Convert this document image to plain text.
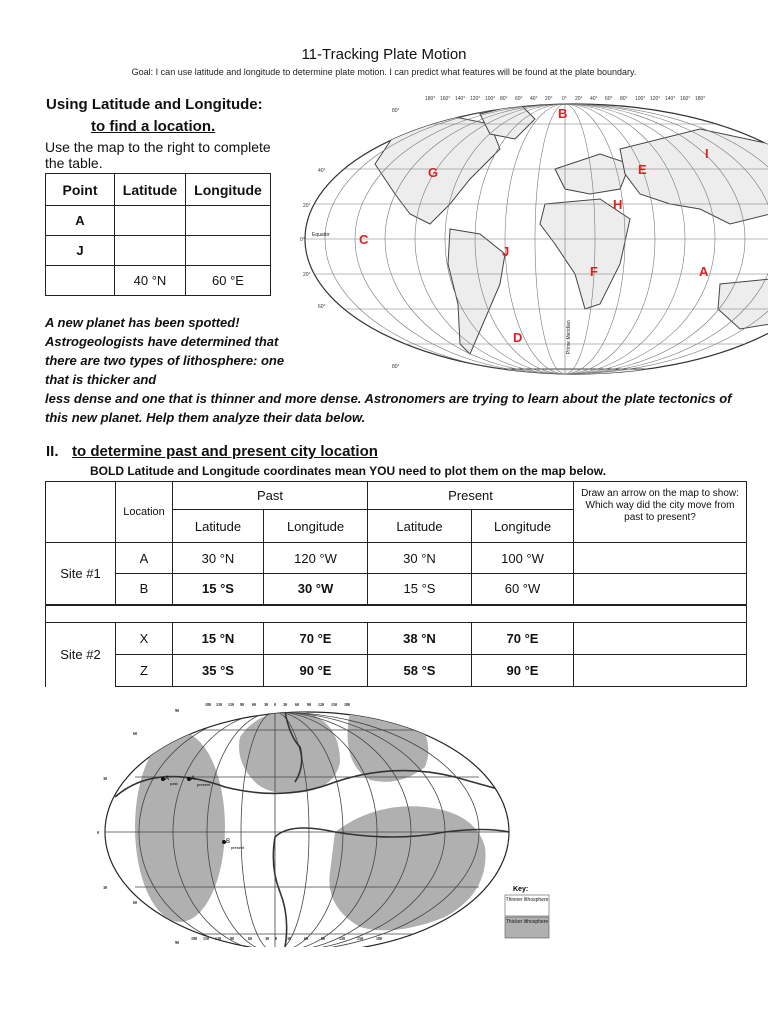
11-Tracking Plate Motion
Goal: I can use latitude and longitude to determine plate motion. I can predict what features will be found at the plate boundary.
Using Latitude and Longitude:
to find a location.
Use the map to the right to complete the table.
Point	Latitude	Longitude
A		
J		
	40 °N	60 °E
A new planet has been spotted! Astrogeologists have determined that there are two types of lithosphere: one that is thicker and
less dense and one that is thinner and more dense. Astronomers are trying to learn about the plate tectonics of this new planet. Help them analyze their data below.
180° 160° 140° 120° 100° 80° 60° 40° 20° 0° 20° 40° 60° 80° 100° 120° 140° 160° 180°
80°
40°
20°
0°
20°
60°
80°
Equator
Prime Meridian
A
B
C
D
E
F
G
H
I
J
II. to determine past and present city location
BOLD Latitude and Longitude coordinates mean YOU need to plot them on the map below.
	Location	Past		Present		Draw an arrow on the map to show: Which way did the city move from past to present?
		Latitude	Longitude	Latitude	Longitude	
Site #1	A	30 °N	120 °W	30 °N	100 °W	
	B	15 °S	30 °W	15 °S	60 °W	

Site #2	X	15 °N	70 °E	38 °N	70 °E	
	Z	35 °S	90 °E	58 °S	90 °E	
180 150 120 90 60 30 0 30 60 90 120 150 180
180 150 120 90	60	30 0	30	60	90	120	150	180
90
60
30
0
30
60
90
A
past
A
present
B
present
Key:
Thinner lithosphere
Thicker lithosphere
